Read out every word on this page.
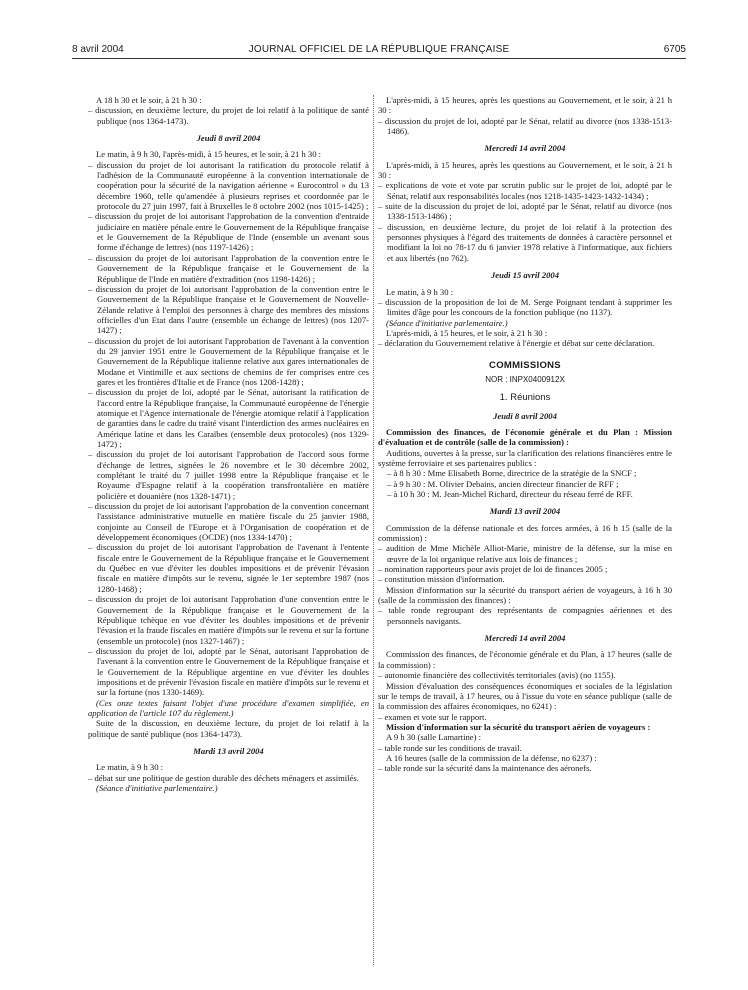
8 avril 2004	JOURNAL OFFICIEL DE LA RÉPUBLIQUE FRANÇAISE	6705

A 18 h 30 et le soir, à 21 h 30 :

– discussion, en deuxième lecture, du projet de loi relatif à la politique de santé publique (nos 1364-1473).

Jeudi 8 avril 2004

Le matin, à 9 h 30, l'après-midi, à 15 heures, et le soir, à 21 h 30 :

– discussion du projet de loi autorisant la ratification du protocole relatif à l'adhésion de la Communauté européenne à la convention internationale de coopération pour la sécurité de la navigation aérienne « Eurocontrol » du 13 décembre 1960, telle qu'amendée à plusieurs reprises et coordonnée par le protocole du 27 juin 1997, fait à Bruxelles le 8 octobre 2002 (nos 1015-1425) ;

– discussion du projet de loi autorisant l'approbation de la convention d'entraide judiciaire en matière pénale entre le Gouvernement de la République française et le Gouvernement de la République de l'Inde (ensemble un avenant sous forme d'échange de lettres) (nos 1197-1426) ;

– discussion du projet de loi autorisant l'approbation de la convention entre le Gouvernement de la République française et le Gouvernement de la République de l'Inde en matière d'extradition (nos 1198-1426) ;

– discussion du projet de loi autorisant l'approbation de la convention entre le Gouvernement de la République française et le Gouvernement de Nouvelle-Zélande relative à l'emploi des personnes à charge des membres des missions officielles d'un Etat dans l'autre (ensemble un échange de lettres) (nos 1207-1427) ;

– discussion du projet de loi autorisant l'approbation de l'avenant à la convention du 29 janvier 1951 entre le Gouvernement de la République française et le Gouvernement de la République italienne relative aux gares internationales de Modane et Vintimille et aux sections de chemins de fer comprises entre ces gares et les frontières d'Italie et de France (nos 1208-1428) ;

– discussion du projet de loi, adopté par le Sénat, autorisant la ratification de l'accord entre la République française, la Communauté européenne de l'énergie atomique et l'Agence internationale de l'énergie atomique relatif à l'application de garanties dans le cadre du traité visant l'interdiction des armes nucléaires en Amérique latine et dans les Caraïbes (ensemble deux protocoles) (nos 1329-1472) ;

– discussion du projet de loi autorisant l'approbation de l'accord sous forme d'échange de lettres, signées le 26 novembre et le 30 décembre 2002, complétant le traité du 7 juillet 1998 entre la République française et le Royaume d'Espagne relatif à la coopération transfrontalière en matière policière et douanière (nos 1328-1471) ;

– discussion du projet de loi autorisant l'approbation de la convention concernant l'assistance administrative mutuelle en matière fiscale du 25 janvier 1988, conjointe au Conseil de l'Europe et à l'Organisation de coopération et de développement économiques (OCDE) (nos 1334-1470) ;

– discussion du projet de loi autorisant l'approbation de l'avenant à l'entente fiscale entre le Gouvernement de la République française et le Gouvernement du Québec en vue d'éviter les doubles impositions et de prévenir l'évasion fiscale en matière d'impôts sur le revenu, signée le 1er septembre 1987 (nos 1280-1468) ;

– discussion du projet de loi autorisant l'approbation d'une convention entre le Gouvernement de la République française et le Gouvernement de la République tchèque en vue d'éviter les doubles impositions et de prévenir l'évasion et la fraude fiscales en matière d'impôts sur le revenu et sur la fortune (ensemble un protocole) (nos 1327-1467) ;

– discussion du projet de loi, adopté par le Sénat, autorisant l'approbation de l'avenant à la convention entre le Gouvernement de la République française et le Gouvernement de la République argentine en vue d'éviter les doubles impositions et de prévenir l'évasion fiscale en matière d'impôts sur le revenu et sur la fortune (nos 1330-1469).

(Ces onze textes faisant l'objet d'une procédure d'examen simplifiée, en application de l'article 107 du règlement.)

Suite de la discussion, en deuxième lecture, du projet de loi relatif à la politique de santé publique (nos 1364-1473).

Mardi 13 avril 2004

Le matin, à 9 h 30 :

– débat sur une politique de gestion durable des déchets ménagers et assimilés.

(Séance d'initiative parlementaire.)

L'après-midi, à 15 heures, après les questions au Gouvernement, et le soir, à 21 h 30 :

– discussion du projet de loi, adopté par le Sénat, relatif au divorce (nos 1338-1513-1486).

Mercredi 14 avril 2004

L'après-midi, à 15 heures, après les questions au Gouvernement, et le soir, à 21 h 30 :

– explications de vote et vote par scrutin public sur le projet de loi, adopté par le Sénat, relatif aux responsabilités locales (nos 1218-1435-1423-1432-1434) ;

– suite de la discussion du projet de loi, adopté par le Sénat, relatif au divorce (nos 1338-1513-1486) ;

– discussion, en deuxième lecture, du projet de loi relatif à la protection des personnes physiques à l'égard des traitements de données à caractère personnel et modifiant la loi no 78-17 du 6 janvier 1978 relative à l'informatique, aux fichiers et aux libertés (no 762).

Jeudi 15 avril 2004

Le matin, à 9 h 30 :

– discussion de la proposition de loi de M. Serge Poignant tendant à supprimer les limites d'âge pour les concours de la fonction publique (no 1137).

(Séance d'initiative parlementaire.)

L'après-midi, à 15 heures, et le soir, à 21 h 30 :

– déclaration du Gouvernement relative à l'énergie et débat sur cette déclaration.

COMMISSIONS

NOR : INPX0400912X

1. Réunions

Jeudi 8 avril 2004

Commission des finances, de l'économie générale et du Plan : Mission d'évaluation et de contrôle (salle de la commission) :

Auditions, ouvertes à la presse, sur la clarification des relations financières entre le système ferroviaire et ses partenaires publics :

– à 8 h 30 : Mme Elisabeth Borne, directrice de la stratégie de la SNCF ;

– à 9 h 30 : M. Olivier Debains, ancien directeur financier de RFF ;

– à 10 h 30 : M. Jean-Michel Richard, directeur du réseau ferré de RFF.

Mardi 13 avril 2004

Commission de la défense nationale et des forces armées, à 16 h 15 (salle de la commission) :

– audition de Mme Michèle Alliot-Marie, ministre de la défense, sur la mise en œuvre de la loi organique relative aux lois de finances ;

– nomination rapporteurs pour avis projet de loi de finances 2005 ;

– constitution mission d'information.

Mission d'information sur la sécurité du transport aérien de voyageurs, à 16 h 30 (salle de la commission des finances) :

– table ronde regroupant des représentants de compagnies aériennes et des personnels navigants.

Mercredi 14 avril 2004

Commission des finances, de l'économie générale et du Plan, à 17 heures (salle de la commission) :

– autonomie financière des collectivités territoriales (avis) (no 1155).

Mission d'évaluation des conséquences économiques et sociales de la législation sur le temps de travail, à 17 heures, ou à l'issue du vote en séance publique (salle de la commission des affaires économiques, no 6241) :

– examen et vote sur le rapport.

Mission d'information sur la sécurité du transport aérien de voyageurs :

A 9 h 30 (salle Lamartine) :

– table ronde sur les conditions de travail.

A 16 heures (salle de la commission de la défense, no 6237) :

– table ronde sur la sécurité dans la maintenance des aéronefs.
